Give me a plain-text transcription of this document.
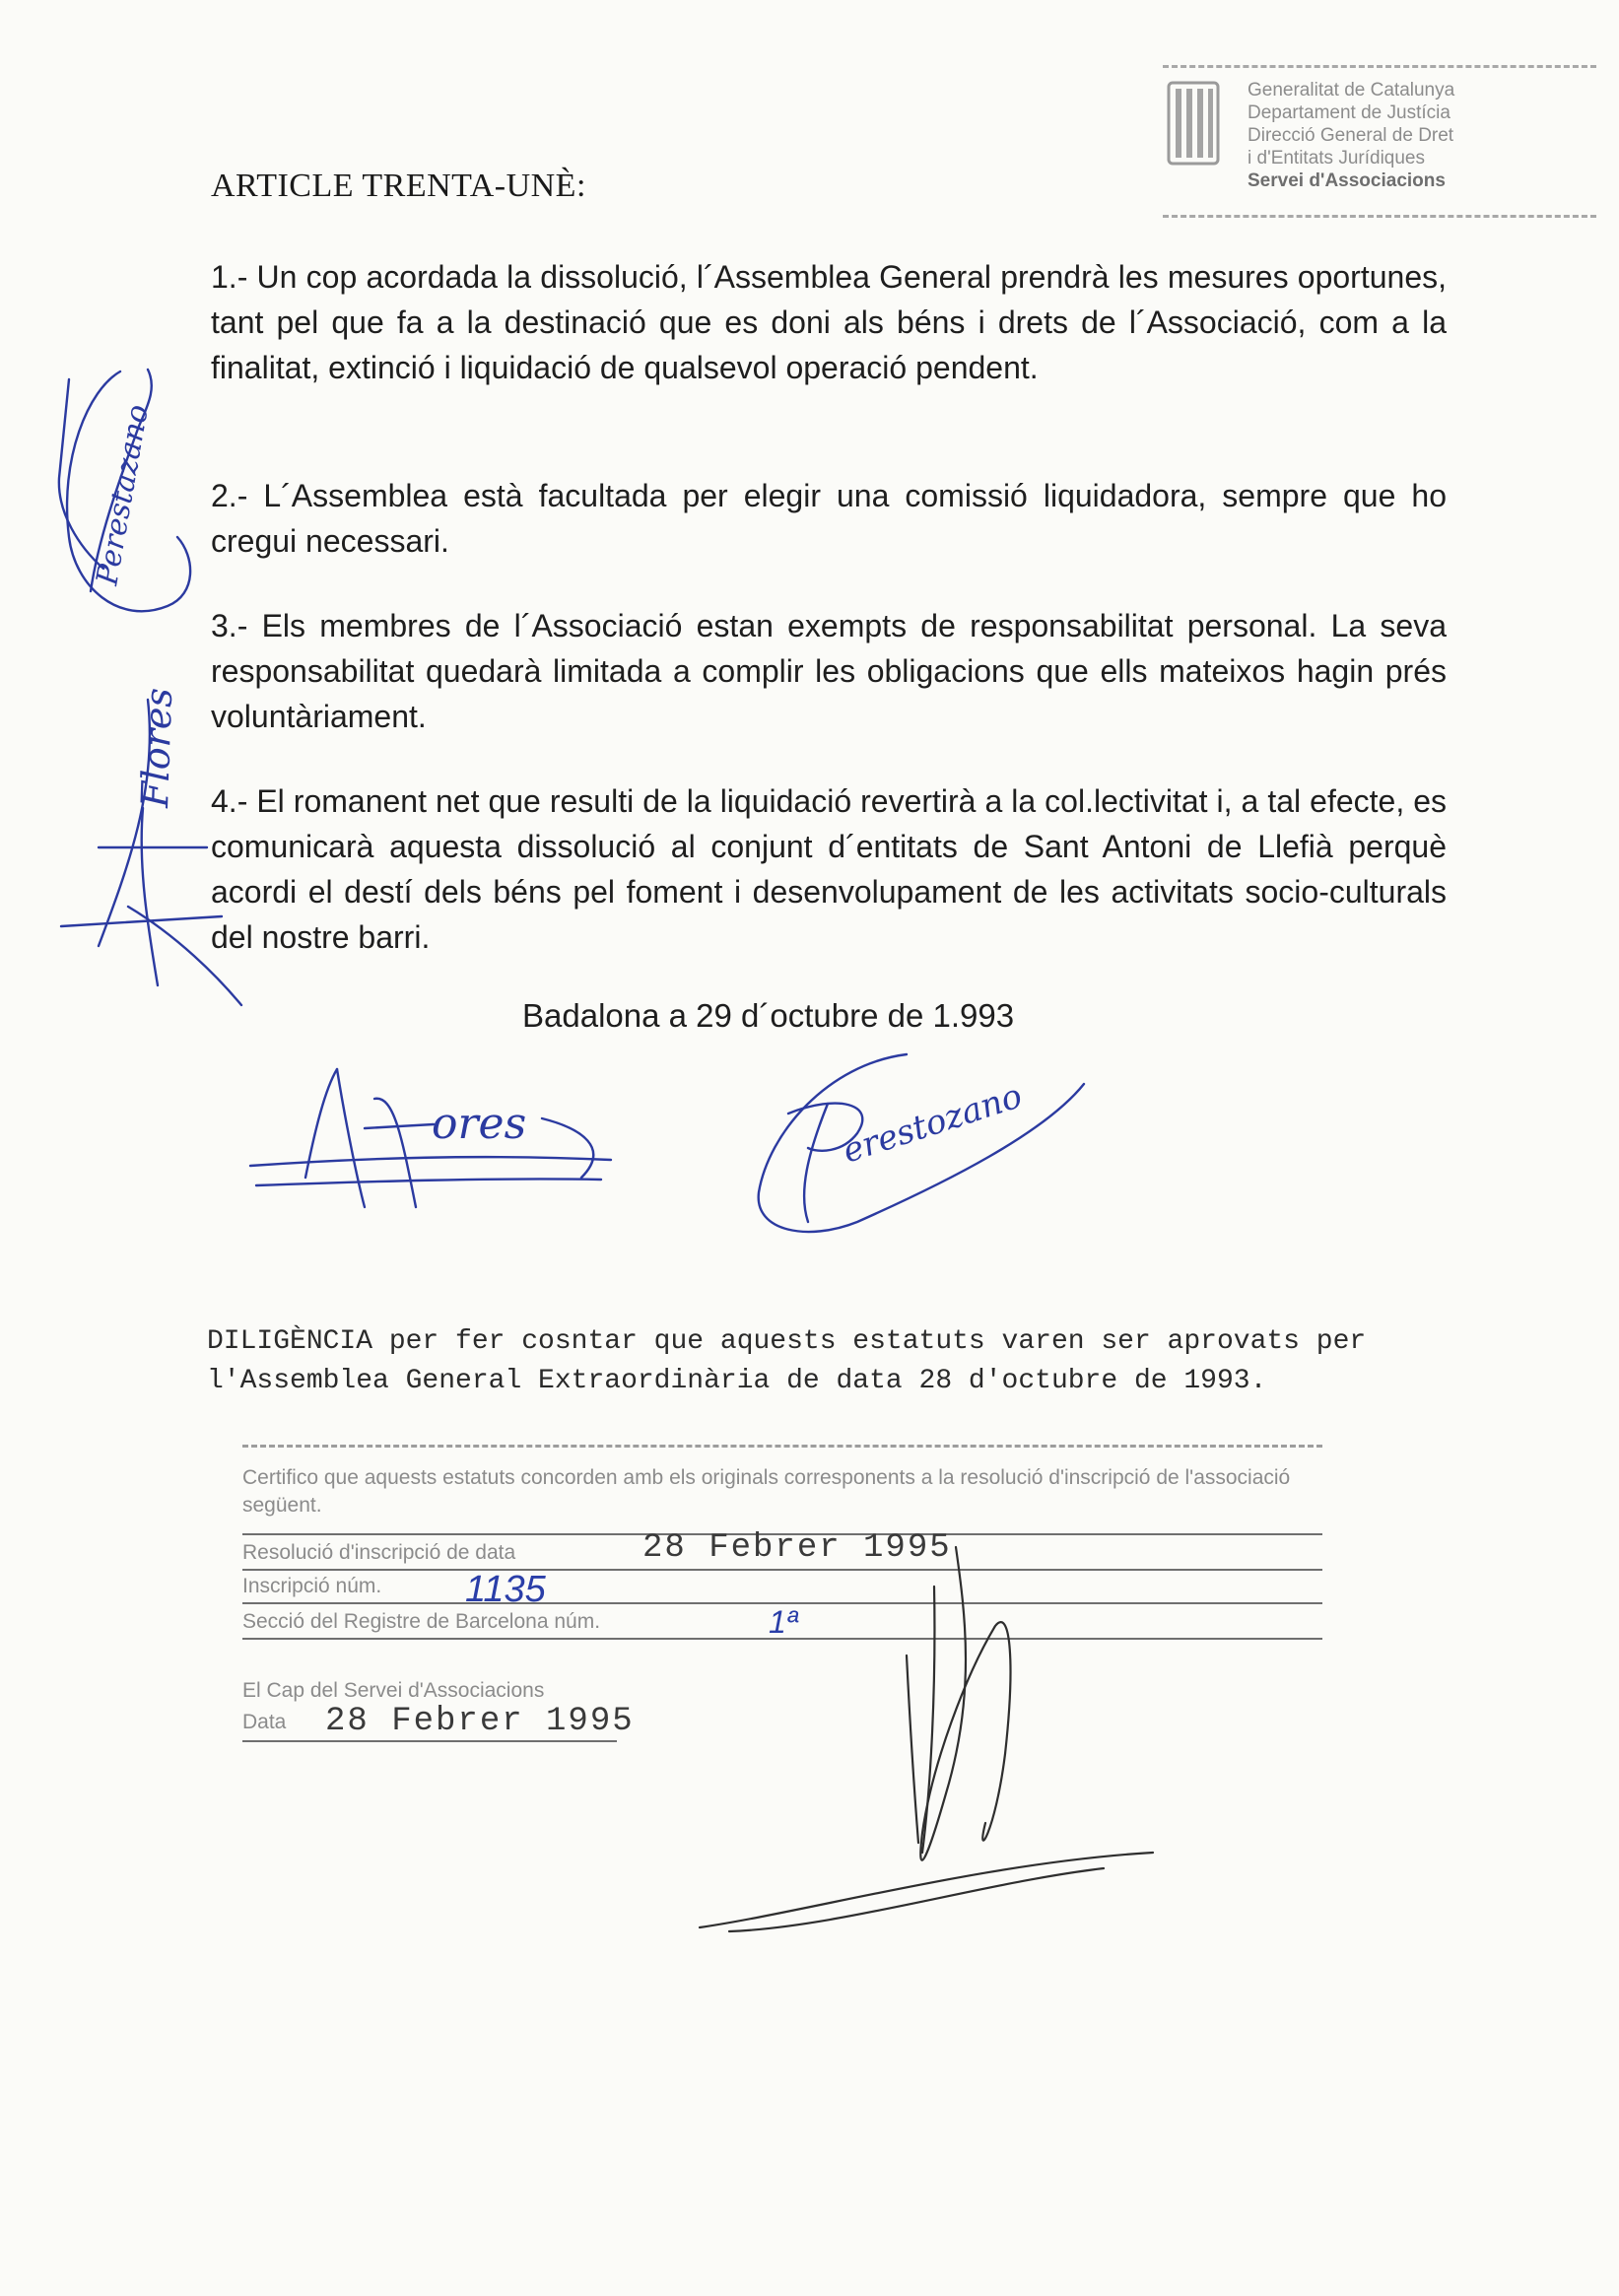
Generalitat de Catalunya
Departament de Justícia
Direcció General de Dret
i d'Entitats Jurídiques
Servei d'Associacions
ARTICLE TRENTA-UNÈ:
1.- Un cop acordada la dissolució, l´Assemblea General prendrà les mesures oportunes, tant pel que fa a la destinació que es doni als béns i drets de l´Associació, com a la finalitat, extinció i liquidació de qualsevol operació pendent.
2.- L´Assemblea està facultada per elegir una comissió liquidadora, sempre que ho cregui necessari.
3.- Els membres de l´Associació estan exempts de responsabilitat personal. La seva responsabilitat quedarà limitada a complir les obligacions que ells mateixos hagin prés voluntàriament.
4.- El romanent net que resulti de la liquidació revertirà a la col.lectivitat i, a tal efecte, es comunicarà aquesta dissolució al conjunt d´entitats de Sant Antoni de Llefià perquè acordi el destí dels béns pel foment i desenvolupament de les activitats socio-culturals del nostre barri.
Perestazano
Flores
Badalona a 29 d´octubre de 1.993
ores	erestozano
DILIGÈNCIA per fer cosntar que aquests estatuts varen ser aprovats per l'Assemblea General Extraordinària de data 28 d'octubre de 1993.
Certifico que aquests estatuts concorden amb els originals corresponents a la resolució d'inscripció de l'associació següent.
Resolució d'inscripció de data	28 Febrer 1995
Inscripció núm. 1135
Secció del Registre de Barcelona núm.	1ª
El Cap del Servei d'Associacions
Data 28 Febrer 1995
